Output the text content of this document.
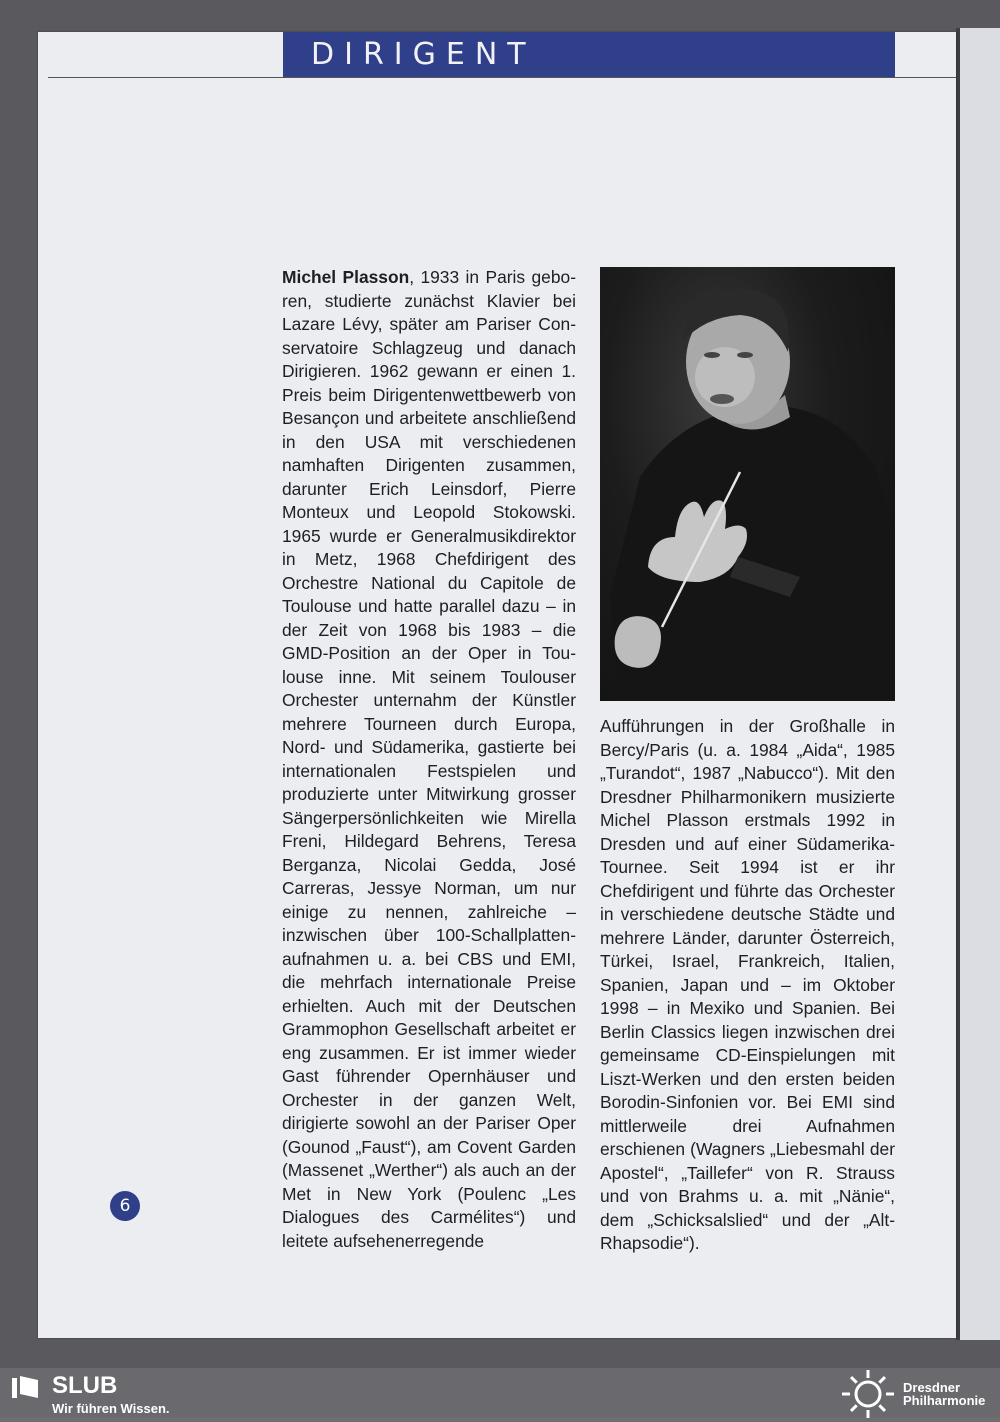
DIRIGENT
Michel Plasson, 1933 in Paris geboren, studierte zunächst Klavier bei Lazare Lévy, später am Pariser Conservatoire Schlagzeug und danach Dirigieren. 1962 gewann er einen 1. Preis beim Dirigentenwettbewerb von Besançon und arbeitete anschließend in den USA mit verschiedenen namhaften Dirigenten zusammen, darunter Erich Leinsdorf, Pierre Monteux und Leopold Stokowski. 1965 wurde er Generalmusikdirektor in Metz, 1968 Chefdirigent des Orchestre National du Capitole de Toulouse und hatte parallel dazu – in der Zeit von 1968 bis 1983 – die GMD-Position an der Oper in Toulouse inne. Mit seinem Toulouser Orchester unternahm der Künstler mehrere Tourneen durch Europa, Nord- und Südamerika, gastierte bei internationalen Festspielen und produzierte unter Mitwirkung grosser Sängerpersönlichkeiten wie Mirella Freni, Hildegard Behrens, Teresa Berganza, Nicolai Gedda, José Carreras, Jessye Norman, um nur einige zu nennen, zahlreiche – inzwischen über 100-Schallplattenaufnahmen u. a. bei CBS und EMI, die mehrfach internationale Preise erhielten. Auch mit der Deutschen Grammophon Gesellschaft arbeitet er eng zusammen. Er ist immer wieder Gast führender Opernhäuser und Orchester in der ganzen Welt, dirigierte sowohl an der Pariser Oper (Gounod „Faust“), am Covent Garden (Massenet „Werther“) als auch an der Met in New York (Poulenc „Les Dialogues des Carmélites“) und leitete aufsehenerregende
Aufführungen in der Großhalle in Bercy/Paris (u. a. 1984 „Aida“, 1985 „Turandot“, 1987 „Nabucco“). Mit den Dresdner Philharmonikern musizierte Michel Plasson erstmals 1992 in Dresden und auf einer Südamerika-Tournee. Seit 1994 ist er ihr Chefdirigent und führte das Orchester in verschiedene deutsche Städte und mehrere Länder, darunter Österreich, Türkei, Israel, Frankreich, Italien, Spanien, Japan und – im Oktober 1998 – in Mexiko und Spanien. Bei Berlin Classics liegen inzwischen drei gemeinsame CD-Einspielungen mit Liszt-Werken und den ersten beiden Borodin-Sinfonien vor. Bei EMI sind mittlerweile drei Aufnahmen erschienen (Wagners „Liebesmahl der Apostel“, „Taillefer“ von R. Strauss und von Brahms u. a. mit „Nänie“, dem „Schicksalslied“ und der „Alt-Rhapsodie“).
6
SLUB
Wir führen Wissen.
Dresdner
Philharmonie
